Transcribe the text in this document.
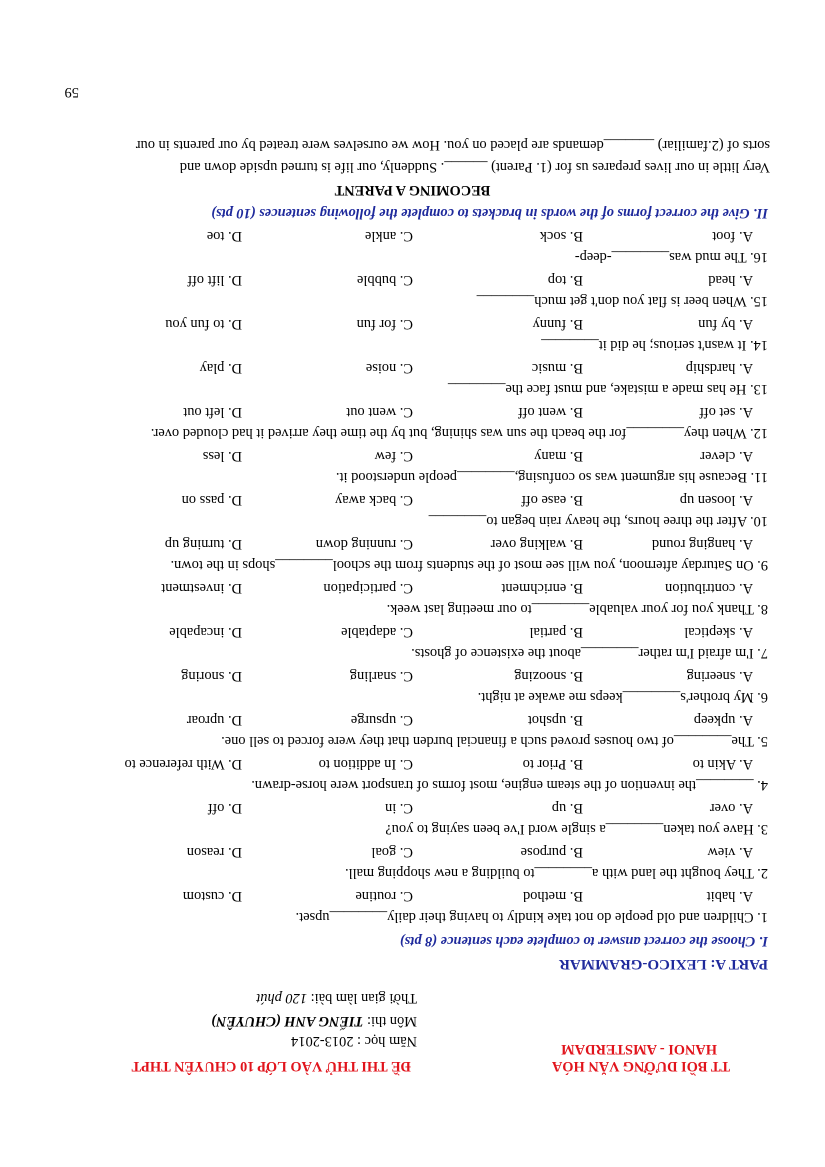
TT BỒI DƯỠNG VĂN HÓA
HANOI - AMSTERDAM
ĐỀ THI THỬ VÀO LỚP 10 CHUYÊN THPT
Năm học : 2013-2014
Môn thi: TIẾNG ANH (CHUYÊN)
Thời gian làm bài: 120 phút
PART A: LEXICO-GRAMMAR
I. Choose the correct answer to complete each sentence (8 pts)
1. Children and old people do not take kindly to having their daily________upset.
A. habit
B. method
C. routine
D. custom
2. They bought the land with a________to building a new shopping mall.
A. view
B. purpose
C. goal
D. reason
3. Have you taken________a single word I've been saying to you?
A. over
B. up
C. in
D. off
4. ________the invention of the steam engine, most forms of transport were horse-drawn.
A. Akin to
B. Prior to
C. In addition to
D. With reference to
5. The________of two houses proved such a financial burden that they were forced to sell one.
A. upkeep
B. upshot
C. upsurge
D. uproar
6. My brother's________keeps me awake at night.
A. sneering
B. snoozing
C. snarling
D. snoring
7. I'm afraid I'm rather________about the existence of ghosts.
A. skeptical
B. partial
C. adaptable
D. incapable
8. Thank you for your valuable________to our meeting last week.
A. contribution
B. enrichment
C. participation
D. investment
9. On Saturday afternoon, you will see most of the students from the school________shops in the town.
A. hanging round
B. walking over
C. running down
D. turning up
10. After the three hours, the heavy rain began to________
A. loosen up
B. ease off
C. back away
D. pass on
11. Because his argument was so confusing,________people understood it.
A. clever
B. many
C. few
D. less
12. When they________for the beach the sun was shining, but by the time they arrived it had clouded over.
A. set off
B. went off
C. went out
D. left out
13. He has made a mistake, and must face the________
A. hardship
B. music
C. noise
D. play
14. It wasn't serious; he did it________
A. by fun
B. funny
C. for fun
D. to fun you
15. When beer is flat you don't get much________
A. head
B. top
C. bubble
D. lift off
16. The mud was________-deep-
A. foot
B. sock
C. ankle
D. toe
II. Give the correct forms of the words in brackets to complete the following sentences (10 pts)
BECOMING A PARENT
Very little in our lives prepares us for (1. Parent) ______. Suddenly, our life is turned upside down and
sorts of (2.familiar) _______demands are placed on you. How we ourselves were treated by our parents in our
59
